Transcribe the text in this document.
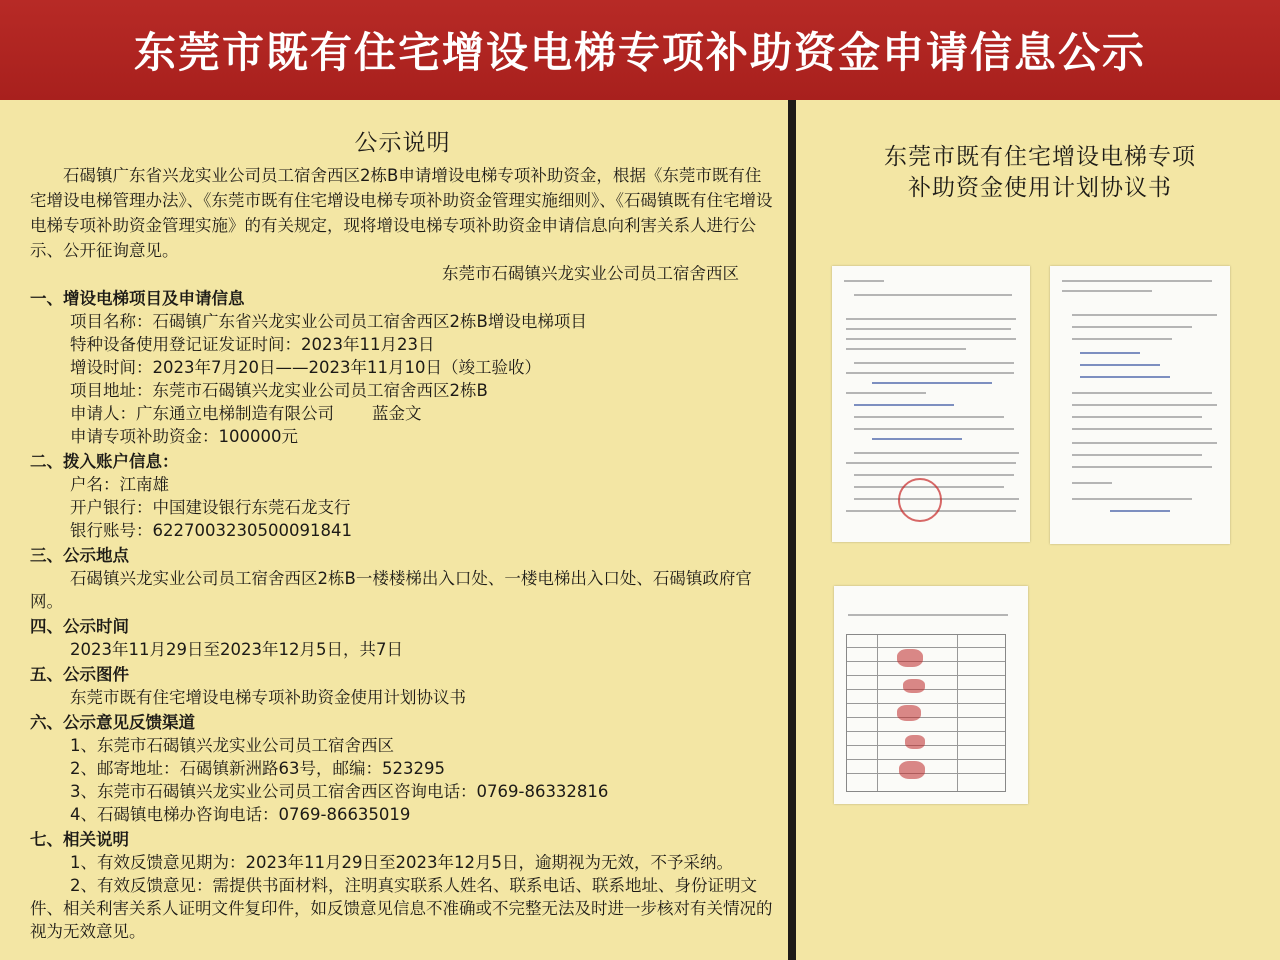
东莞市既有住宅增设电梯专项补助资金申请信息公示
公示说明

石碣镇广东省兴龙实业公司员工宿舍西区2栋B申请增设电梯专项补助资金，根据《东莞市既有住宅增设电梯管理办法》、《东莞市既有住宅增设电梯专项补助资金管理实施细则》、《石碣镇既有住宅增设电梯专项补助资金管理实施》的有关规定，现将增设电梯专项补助资金申请信息向利害关系人进行公示、公开征询意见。

东莞市石碣镇兴龙实业公司员工宿舍西区

一、增设电梯项目及申请信息

项目名称：石碣镇广东省兴龙实业公司员工宿舍西区2栋B增设电梯项目

特种设备使用登记证发证时间：2023年11月23日

增设时间：2023年7月20日——2023年11月10日（竣工验收）

项目地址：东莞市石碣镇兴龙实业公司员工宿舍西区2栋B

申请人：广东通立电梯制造有限公司 蓝金文

申请专项补助资金：100000元

二、拨入账户信息：

户名：江南雄

开户银行：中国建设银行东莞石龙支行

银行账号：6227003230500091841

三、公示地点

石碣镇兴龙实业公司员工宿舍西区2栋B一楼楼梯出入口处、一楼电梯出入口处、石碣镇政府官网。

四、公示时间

2023年11月29日至2023年12月5日，共7日

五、公示图件

东莞市既有住宅增设电梯专项补助资金使用计划协议书

六、公示意见反馈渠道

1、东莞市石碣镇兴龙实业公司员工宿舍西区

2、邮寄地址：石碣镇新洲路63号，邮编：523295

3、东莞市石碣镇兴龙实业公司员工宿舍西区咨询电话：0769-86332816

4、石碣镇电梯办咨询电话：0769-86635019

七、相关说明

1、有效反馈意见期为：2023年11月29日至2023年12月5日，逾期视为无效，不予采纳。

2、有效反馈意见：需提供书面材料，注明真实联系人姓名、联系电话、联系地址、身份证明文件、相关利害关系人证明文件复印件，如反馈意见信息不准确或不完整无法及时进一步核对有关情况的视为无效意见。

东莞市既有住宅增设电梯专项
补助资金使用计划协议书
